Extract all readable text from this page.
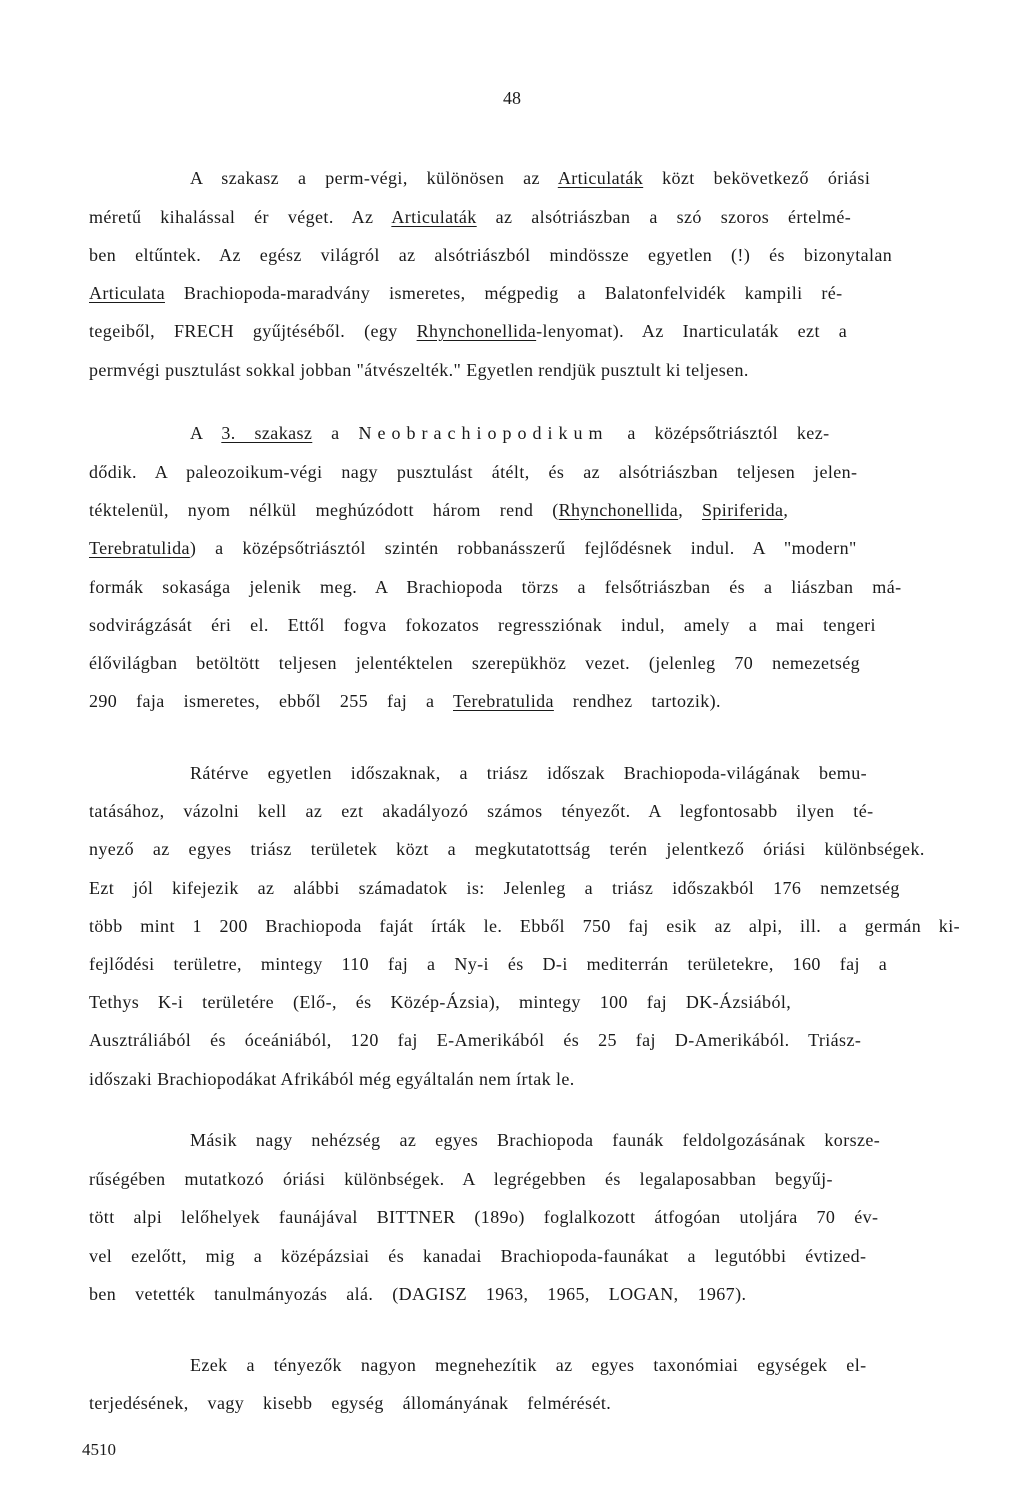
48
A szakasz a perm-végi, különösen az Articulaták közt bekövetkező óriási
méretű kihalással ér véget. Az Articulaták az alsótriászban a szó szoros értelmé-
ben eltűntek. Az egész világról az alsótriászból mindössze egyetlen (!) és bizonytalan
Articulata Brachiopoda-maradvány ismeretes, mégpedig a Balatonfelvidék kampili ré-
tegeiből, FRECH gyűjtéséből. (egy Rhynchonellida-lenyomat). Az Inarticulaták ezt a
permvégi pusztulást sokkal jobban "átvészelték." Egyetlen rendjük pusztult ki teljesen.
A 3. szakasz a Neobrachiopodikum a középsőtriásztól kez-
dődik. A paleozoikum-végi nagy pusztulást átélt, és az alsótriászban teljesen jelen-
téktelenül, nyom nélkül meghúzódott három rend (Rhynchonellida, Spiriferida,
Terebratulida) a középsőtriásztól szintén robbanásszerű fejlődésnek indul. A "modern"
formák sokasága jelenik meg. A Brachiopoda törzs a felsőtriászban és a liászban má-
sodvirágzását éri el. Ettől fogva fokozatos regressziónak indul, amely a mai tengeri
élővilágban betöltött teljesen jelentéktelen szerepükhöz vezet. (jelenleg 70 nemezetség
290 faja ismeretes, ebből 255 faj a Terebratulida rendhez tartozik).
Rátérve egyetlen időszaknak, a triász időszak Brachiopoda-világának bemu-
tatásához, vázolni kell az ezt akadályozó számos tényezőt. A legfontosabb ilyen té-
nyező az egyes triász területek közt a megkutatottság terén jelentkező óriási különbségek.
Ezt jól kifejezik az alábbi számadatok is: Jelenleg a triász időszakból 176 nemzetség
több mint 1 200 Brachiopoda faját írták le. Ebből 750 faj esik az alpi, ill. a germán ki-
fejlődési területre, mintegy 110 faj a Ny-i és D-i mediterrán területekre, 160 faj a
Tethys K-i területére (Elő-, és Közép-Ázsia), mintegy 100 faj DK-Ázsiából,
Ausztráliából és óceániából, 120 faj E-Amerikából és 25 faj D-Amerikából. Triász-
időszaki Brachiopodákat Afrikából még egyáltalán nem írtak le.
Másik nagy nehézség az egyes Brachiopoda faunák feldolgozásának korsze-
rűségében mutatkozó óriási különbségek. A legrégebben és legalaposabban begyűj-
tött alpi lelőhelyek faunájával BITTNER (189o) foglalkozott átfogóan utoljára 70 év-
vel ezelőtt, mig a középázsiai és kanadai Brachiopoda-faunákat a legutóbbi évtized-
ben vetették tanulmányozás alá. (DAGISZ 1963, 1965, LOGAN, 1967).
Ezek a tényezők nagyon megnehezítik az egyes taxonómiai egységek el-
terjedésének, vagy kisebb egység állományának felmérését.
4510
